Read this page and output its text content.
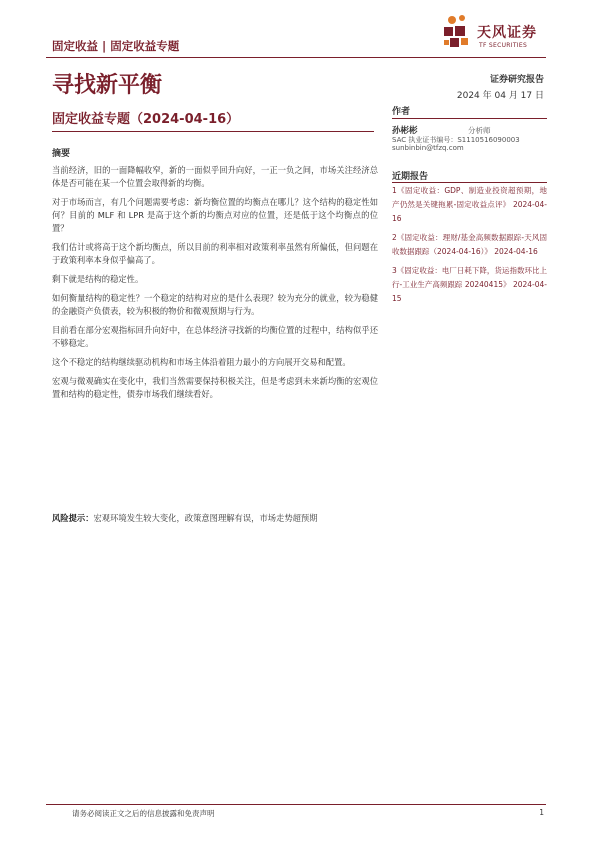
固定收益 | 固定收益专题
天风证券
TF SECURITIES
寻找新平衡	证券研究报告
2024 年 04 月 17 日
固定收益专题（2024-04-16）
摘要

当前经济，旧的一面降幅收窄，新的一面似乎回升向好，一正一负之间，市场关注经济总体是否可能在某一个位置会取得新的均衡。

对于市场而言，有几个问题需要考虑：新均衡位置的均衡点在哪儿？这个结构的稳定性如何？目前的 MLF 和 LPR 是高于这个新的均衡点对应的位置，还是低于这个均衡点的位置？

我们估计或将高于这个新均衡点，所以目前的利率相对政策利率虽然有所偏低，但问题在于政策利率本身似乎偏高了。

剩下就是结构的稳定性。

如何衡量结构的稳定性？一个稳定的结构对应的是什么表现？较为充分的就业，较为稳健的金融资产负债表，较为积极的物价和微观预期与行为。

目前看在部分宏观指标回升向好中，在总体经济寻找新的均衡位置的过程中，结构似乎还不够稳定。

这个不稳定的结构继续驱动机构和市场主体沿着阻力最小的方向展开交易和配置。

宏观与微观确实在变化中，我们当然需要保持积极关注，但是考虑到未来新均衡的宏观位置和结构的稳定性，债券市场我们继续看好。

风险提示：宏观环境发生较大变化，政策意图理解有误，市场走势超预期
作者
孙彬彬	分析师
SAC 执业证书编号：S1110516090003
sunbinbin@tfzq.com
近期报告
1《固定收益：GDP、制造业投资超预期，地产仍然是关键拖累-固定收益点评》 2024-04-16
2《固定收益：理财/基金高频数据跟踪-天风固收数据跟踪（2024-04-16）》 2024-04-16
3《固定收益：电厂日耗下降，货运指数环比上行-工业生产高频跟踪 20240415》 2024-04-15
请务必阅读正文之后的信息披露和免责声明	1
